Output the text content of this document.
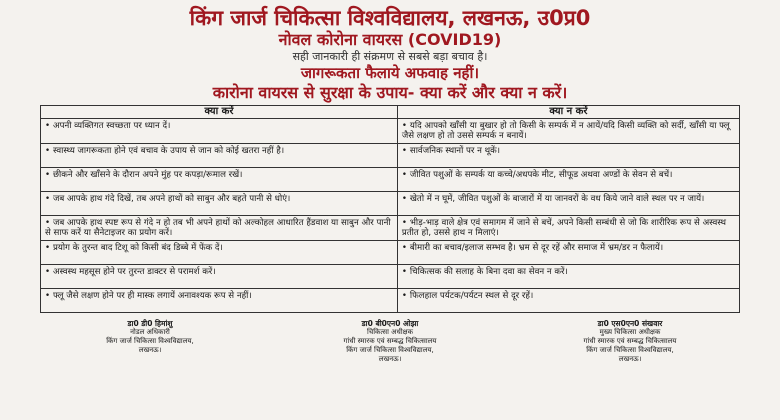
किंग जार्ज चिकित्सा विश्वविद्यालय, लखनऊ, उ0प्र0

नोवल कोरोना वायरस (COVID19)

सही जानकारी ही संक्रमण से सबसे बड़ा बचाव है।

जागरूकता फैलाये अफवाह नहीं।

कारोना वायरस से सुरक्षा के उपाय- क्या करें और क्या न करें।

क्या करें	क्या न करें
• अपनी व्यक्तिगत स्वच्छता पर ध्यान दें।	• यदि आपको खाँसी या बुखार हो तो किसी के सम्पर्क में न आयें/यदि किसी व्यक्ति को सर्दी, खाँसी या फ्लू जैसे लक्षण हो तो उससे सम्पर्क न बनायें।
• स्वास्थ्य जागरूकता होने एवं बचाव के उपाय से जान को कोई खतरा नहीं है।	• सार्वजनिक स्थानों पर न थूकें।
• छीकने और खाँसने के दौरान अपने मुंह पर कपड़ा/रूमाल रखें।	• जीवित पशुओं के सम्पर्क या कच्चे/अधपके मीट, सीफूड अथवा अण्डों के सेवन से बचें।
• जब आपके हाथ गंदे दिखें, तब अपने हाथों को साबुन और बहते पानी से धोएं।	• खेतो में न घूमें, जीवित पशुओं के बाजारों में या जानवरों के वध किये जाने वाले स्थल पर न जायें।
• जब आपके हाथ स्पष्ट रूप से गंदे न हो तब भी अपने हाथों को अल्कोहल आधारित हैंडवाश या साबुन और पानी से साफ करें या सैनेटाइजर का प्रयोग करें।	• भीड़-भाड़ वाले क्षेत्र एवं समागम में जाने से बचें, अपने किसी सम्बंधी से जो कि शारीरिक रूप से अस्वस्थ प्रतीत हो, उससे हाथ न मिलाएं।
• प्रयोग के तुरन्त बाद टिशू को किसी बंद डिब्बे में फेंक दें।	• बीमारी का बचाव/इलाज सम्भव है। भ्रम से दूर रहें और समाज में भ्रम/डर न फैलायें।
• अस्वस्थ महसूस होने पर तुरन्त डाक्टर से परामर्श करें।	• चिकित्सक की सलाह के बिना दवा का सेवन न करें।
• फ्लू जैसे लक्षण होने पर ही मास्क लगायें अनावश्यक रूप से नहीं।	• फिलहाल पर्यटक/पर्यटन स्थल से दूर रहें।
डा0 डी0 हिमांशु
नोडल अधिकारी
किंग जार्ज चिकित्सा विश्वविद्यालय,
लखनऊ।
डा0 बी0एन0 ओझा
चिकित्सा अधीक्षक
गांधी स्मारक एवं सम्बद्ध चिकित्सालय
किंग जार्ज चिकित्सा विश्वविद्यालय,
लखनऊ।
डा0 एस0एन0 संखवार
मुख्य चिकित्सा अधीक्षक
गांधी स्मारक एवं सम्बद्ध चिकित्सालय
किंग जार्ज चिकित्सा विश्वविद्यालय,
लखनऊ।
